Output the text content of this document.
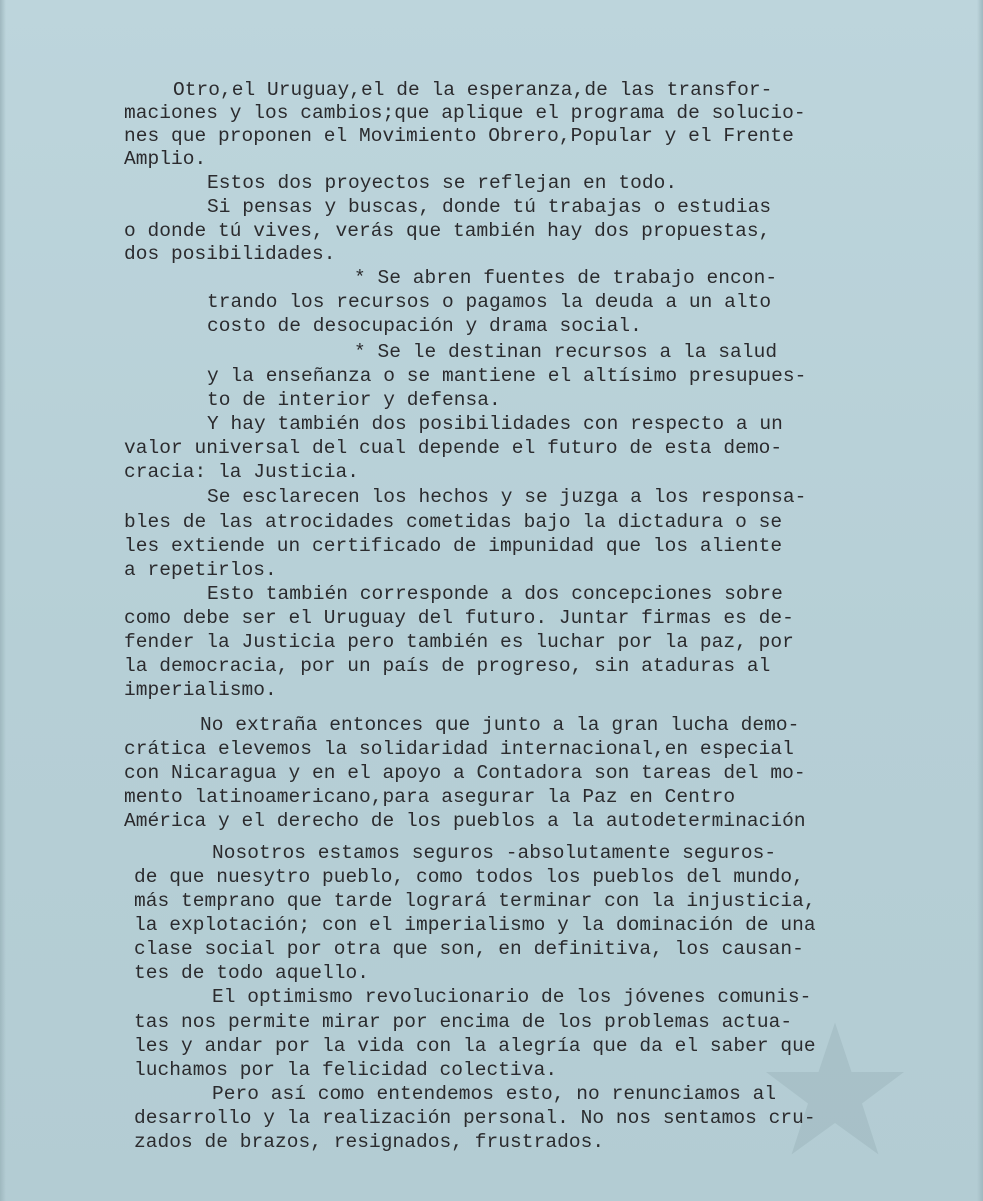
Otro,el Uruguay,el de la esperanza,de las transfor-
maciones y los cambios;que aplique el programa de solucio-
nes que proponen el Movimiento Obrero,Popular y el Frente
Amplio.
Estos dos proyectos se reflejan en todo.
Si pensas y buscas, donde tú trabajas o estudias
o donde tú vives, verás que también hay dos propuestas,
dos posibilidades.
* Se abren fuentes de trabajo encon-
trando los recursos o pagamos la deuda a un alto
costo de desocupación y drama social.
* Se le destinan recursos a la salud
y la enseñanza o se mantiene el altísimo presupues-
to de interior y defensa.
Y hay también dos posibilidades con respecto a un
valor universal del cual depende el futuro de esta demo-
cracia: la Justicia.
Se esclarecen los hechos y se juzga a los responsa-
bles de las atrocidades cometidas bajo la dictadura o se
les extiende un certificado de impunidad que los aliente
a repetirlos.
Esto también corresponde a dos concepciones sobre
como debe ser el Uruguay del futuro. Juntar firmas es de-
fender la Justicia pero también es luchar por la paz, por
la democracia, por un país de progreso, sin ataduras al
imperialismo.
No extraña entonces que junto a la gran lucha demo-
crática elevemos la solidaridad internacional,en especial
con Nicaragua y en el apoyo a Contadora son tareas del mo-
mento latinoamericano,para asegurar la Paz en Centro
América y el derecho de los pueblos a la autodeterminación
Nosotros estamos seguros -absolutamente seguros-
de que nuesytro pueblo, como todos los pueblos del mundo,
más temprano que tarde logrará terminar con la injusticia,
la explotación; con el imperialismo y la dominación de una
clase social por otra que son, en definitiva, los causan-
tes de todo aquello.
El optimismo revolucionario de los jóvenes comunis-
tas nos permite mirar por encima de los problemas actua-
les y andar por la vida con la alegría que da el saber que
luchamos por la felicidad colectiva.
Pero así como entendemos esto, no renunciamos al
desarrollo y la realización personal. No nos sentamos cru-
zados de brazos, resignados, frustrados.
